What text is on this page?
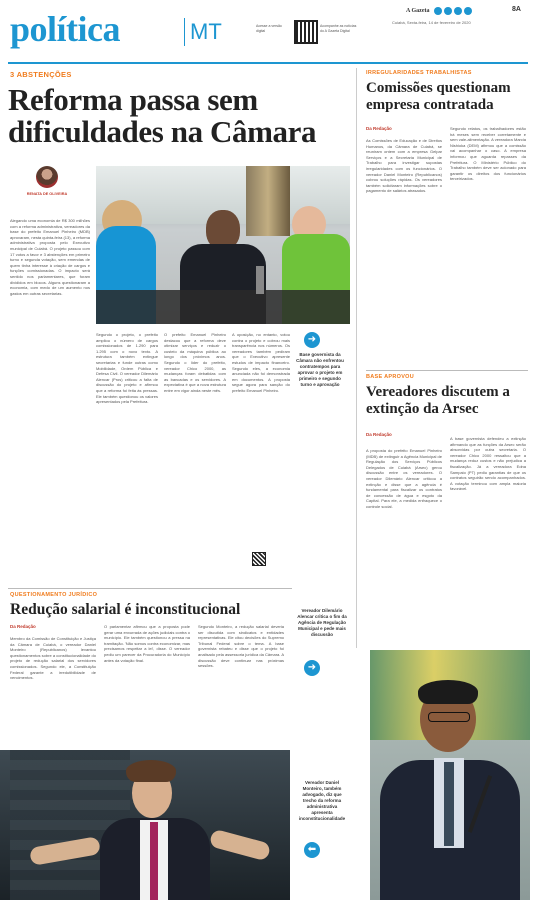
política	MT	Acesse a versão digital
Acompanhe as notícias do A Gazeta Digital
A Gazeta	8A
Cuiabá, Sexta-feira, 14 de fevereiro de 2020
3 ABSTENÇÕES
Reforma passa sem
dificuldades na Câmara
RENATA DE OLIVEIRA
➜
Base governista da Câmara não enfrentou contratempos para aprovar o projeto em primeiro e segundo turno e aprovação
Alegando uma economia de R$ 300 milhões com a reforma administrativa, vereadores da base do prefeito Emanuel Pinheiro (MDB) aprovaram, nesta quinta-feira (13), a reforma administrativa proposta pelo Executivo municipal de Cuiabá. O projeto passou com 17 votos a favor e 3 abstenções em primeiro turno e segunda votação, sem emendas de quem tinha interesse à criação de cargos e funções comissionadas. O impacto será sentido nos parlamentares, que foram divididos em blocos. Alguns questionaram a economia, com medo de um aumento nos gastos em outras secretarias.
Segundo o projeto, o prefeito ampliou o número de cargos comissionados de 1.290 para 1.295 com o novo texto. A estrutura também extingue secretarias e funde outras como Mobilidade, Ordem Pública e Defesa Civil. O vereador Dilemário Alencar (Pros) criticou a falta de discussão do projeto e afirmou que a reforma foi feita às pressas. Ele também questionou os valores apresentados pela Prefeitura.
O prefeito Emanuel Pinheiro destacou que a reforma deve otimizar serviços e reduzir o custeio da máquina pública ao longo dos próximos anos. Segundo o líder do prefeito, vereador Chico 2000, as mudanças foram debatidas com as bancadas e os servidores. A expectativa é que a nova estrutura entre em vigor ainda neste mês.
A oposição, no entanto, votou contra o projeto e cobrou mais transparência nos números. Os vereadores também pediram que o Executivo apresente estudos de impacto financeiro. Segundo eles, a economia anunciada não foi demonstrada em documentos. A proposta segue agora para sanção do prefeito Emanuel Pinheiro.
IRREGULARIDADES TRABALHISTAS
Comissões questionam empresa contratada
Da Redação
As Comissões de Educação e de Direitos Humanos, da Câmara de Cuiabá, se reuniram ontem com a empresa Gelpar Serviços e a Secretaria Municipal de Trabalho para investigar supostas irregularidades com os funcionários. O vereador Daniel Monteiro (Republicanos) cobrou soluções rápidas. Os vereadores também solicitaram informações sobre o pagamento de salários atrasados.
Segundo relatos, os trabalhadores estão há meses sem receber corretamente e sem vale-alimentação. A vereadora Marcia Nishioka (DEM) afirmou que a comissão vai acompanhar o caso. A empresa informou que aguarda repasses da Prefeitura. O Ministério Público do Trabalho também deve ser acionado para garantir os direitos dos funcionários terceirizados.
BASE APROVOU
Vereadores discutem a extinção da Arsec
Da Redação
A proposta do prefeito Emanuel Pinheiro (MDB) de extinguir a Agência Municipal de Regulação dos Serviços Públicos Delegados de Cuiabá (Arsec) gerou discussão entre os vereadores. O vereador Dilemário Alencar criticou a extinção e disse que a agência é fundamental para fiscalizar os contratos de concessão de água e esgoto da Capital. Para ele, a medida enfraquece o controle social.
A base governista defendeu a extinção afirmando que as funções da Arsec serão absorvidas por outra secretaria. O vereador Chico 2000 ressaltou que a mudança reduz custos e não prejudica a fiscalização. Já a vereadora Edna Sampaio (PT) pediu garantias de que os contratos seguirão sendo acompanhados. A votação terminou com ampla maioria favorável.
QUESTIONAMENTO JURÍDICO
Redução salarial é inconstitucional
Da Redação
Membro da Comissão de Constituição e Justiça da Câmara de Cuiabá, o vereador Daniel Monteiro (Republicanos) levantou questionamentos sobre a constitucionalidade do projeto de redução salarial dos servidores comissionados. Segundo ele, a Constituição Federal garante a irredutibilidade de vencimentos.
O parlamentar afirmou que a proposta pode gerar uma enxurrada de ações judiciais contra o município. Ele também questionou a pressa na tramitação. 'Não somos contra economizar, mas precisamos respeitar a lei', disse. O vereador pediu um parecer da Procuradoria do Município antes da votação final.
Segundo Monteiro, a redução salarial deveria ser discutida com sindicatos e entidades representativas. Ele citou decisões do Supremo Tribunal Federal sobre o tema. A base governista rebateu e disse que o projeto foi analisado pela assessoria jurídica da Câmara. A discussão deve continuar nas próximas sessões.
Vereador Dilemário Alencar critica o fim da Agência de Regulação Municipal e pede mais discussão
➜
Vereador Daniel Monteiro, também advogado, diz que trecho da reforma administrativa apresenta inconstitucionalidade
⬅
